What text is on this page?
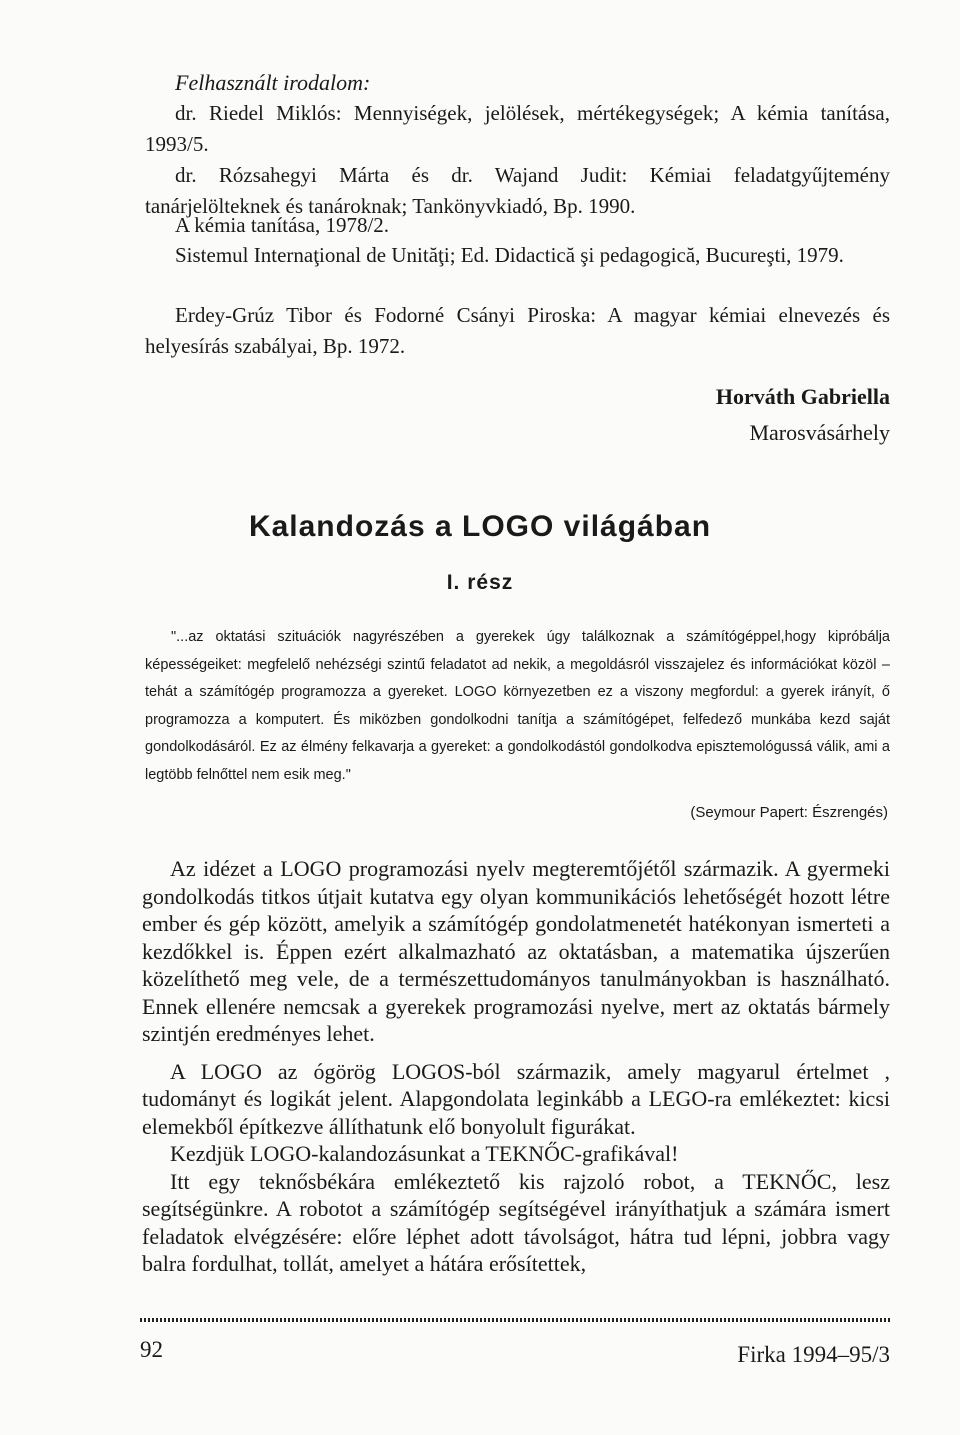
Felhasznált irodalom:
dr. Riedel Miklós: Mennyiségek, jelölések, mértékegységek; A kémia tanítása, 1993/5.
dr. Rózsahegyi Márta és dr. Wajand Judit: Kémiai feladatgyűjtemény tanárjelölteknek és tanároknak; Tankönyvkiadó, Bp. 1990.
A kémia tanítása, 1978/2.
Sistemul Internaţional de Unităţi; Ed. Didactică şi pedagogică, Bucureşti, 1979.
Erdey-Grúz Tibor és Fodorné Csányi Piroska: A magyar kémiai elnevezés és helyesírás szabályai, Bp. 1972.
Horváth Gabriella
Marosvásárhely
Kalandozás a LOGO világában
I. rész
"...az oktatási szituációk nagyrészében a gyerekek úgy találkoznak a számítógéppel,hogy kipróbálja képességeiket: megfelelő nehézségi szintű feladatot ad nekik, a megoldásról visszajelez és információkat közöl – tehát a számítógép programozza a gyereket. LOGO környezetben ez a viszony megfordul: a gyerek irányít, ő programozza a komputert. És miközben gondolkodni tanítja a számítógépet, felfedező munkába kezd saját gondolkodásáról. Ez az élmény felkavarja a gyereket: a gondolkodástól gondolkodva episztemológussá válik, ami a legtöbb felnőttel nem esik meg."
(Seymour Papert: Észrengés)

Az idézet a LOGO programozási nyelv megteremtőjétől származik. A gyermeki gondolkodás titkos útjait kutatva egy olyan kommunikációs lehetőségét hozott létre ember és gép között, amelyik a számítógép gondolatmenetét hatékonyan ismerteti a kezdőkkel is. Éppen ezért alkalmazható az oktatásban, a matematika újszerűen közelíthető meg vele, de a természettudományos tanulmányokban is használható. Ennek ellenére nemcsak a gyerekek programozási nyelve, mert az oktatás bármely szintjén eredményes lehet.

A LOGO az ógörög LOGOS-ból származik, amely magyarul értelmet , tudományt és logikát jelent. Alapgondolata leginkább a LEGO-ra emlékeztet: kicsi elemekből építkezve állíthatunk elő bonyolult figurákat.

Kezdjük LOGO-kalandozásunkat a TEKNŐC-grafikával!

Itt egy teknősbékára emlékeztető kis rajzoló robot, a TEKNŐC, lesz segítségünkre. A robotot a számítógép segítségével irányíthatjuk a számára ismert feladatok elvégzésére: előre léphet adott távolságot, hátra tud lépni, jobbra vagy balra fordulhat, tollát, amelyet a hátára erősítettek,

92	Firka 1994–95/3
